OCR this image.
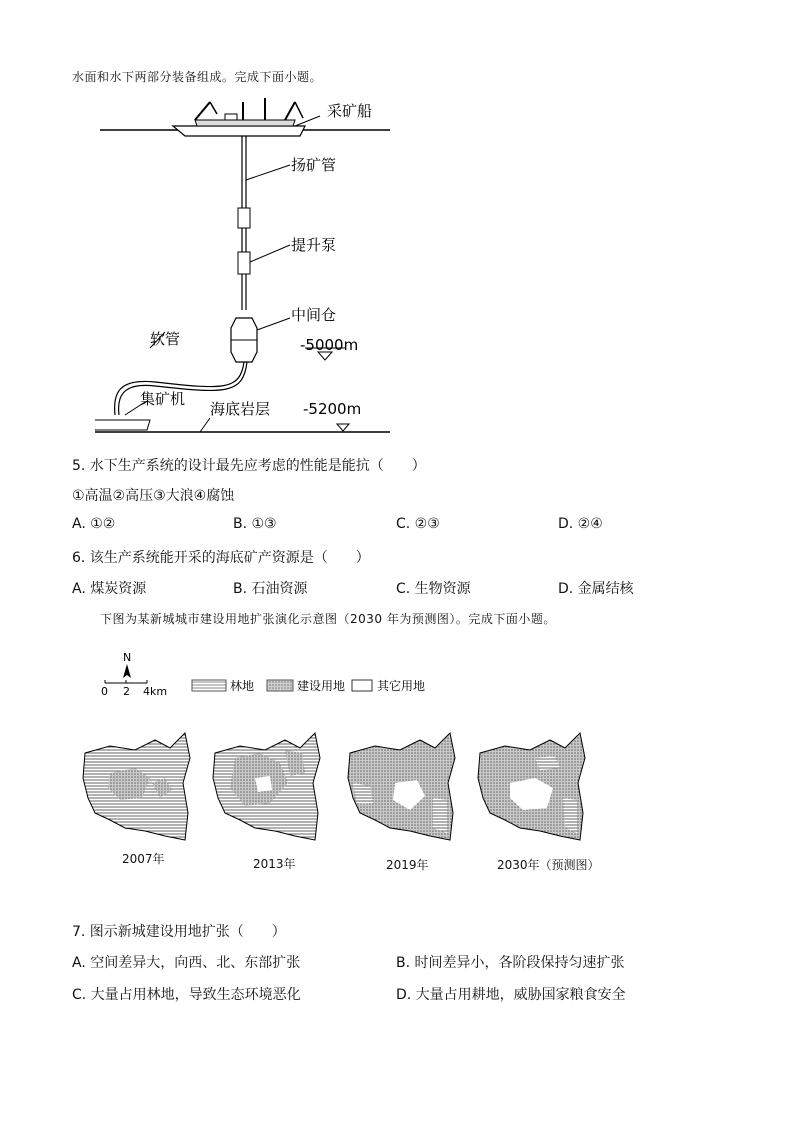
水面和水下两部分装备组成。完成下面小题。
采矿船
扬矿管
提升泵
中间仓
软管
集矿机
海底岩层
-5000m
-5200m
5. 水下生产系统的设计最先应考虑的性能是能抗（　　）
①高温②高压③大浪④腐蚀
A. ①②	B. ①③	C. ②③	D. ②④
6. 该生产系统能开采的海底矿产资源是（　　）
A. 煤炭资源	B. 石油资源	C. 生物资源	D. 金属结核
下图为某新城城市建设用地扩张演化示意图（2030 年为预测图）。完成下面小题。
N
0 2 4km	林地	建设用地	其它用地
2007年	2013年	2019年	2030年（预测图）
7. 图示新城建设用地扩张（　　）
A. 空间差异大，向西、北、东部扩张	B. 时间差异小，各阶段保持匀速扩张
C. 大量占用林地，导致生态环境恶化	D. 大量占用耕地，威胁国家粮食安全
